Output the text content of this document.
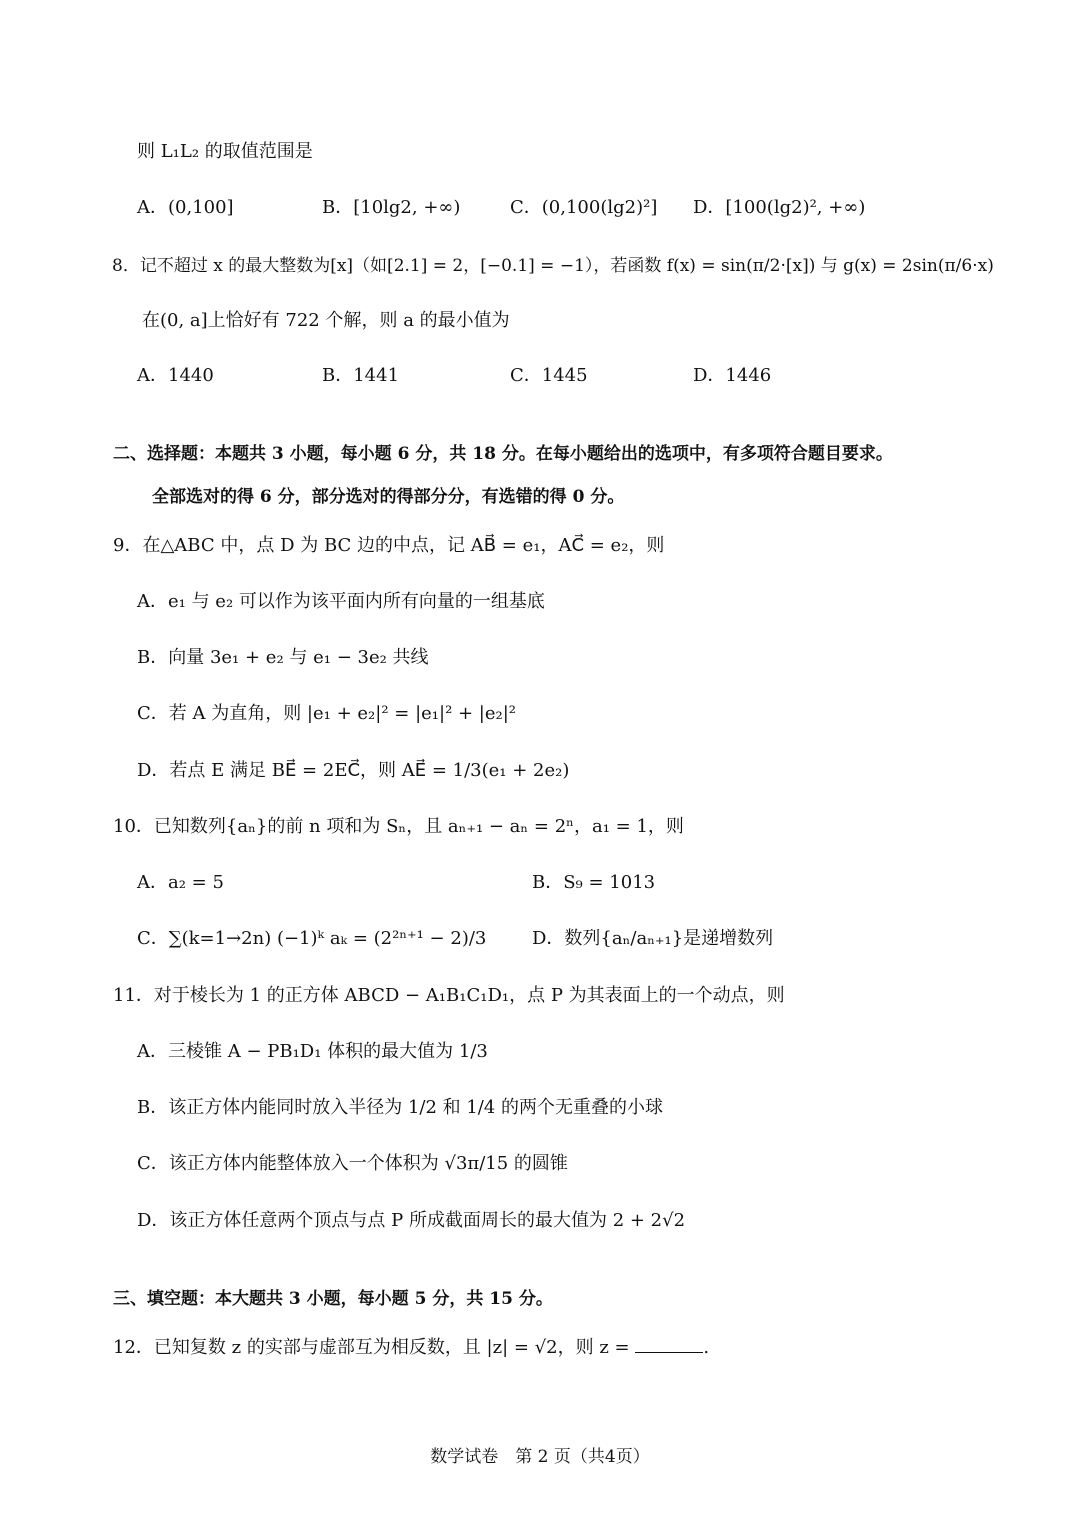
则 L₁L₂ 的取值范围是
A．(0,100]	B．[10lg2, +∞)	C．(0,100(lg2)²] D．[100(lg2)², +∞)
8．记不超过 x 的最大整数为[x]（如[2.1] = 2，[−0.1] = −1），若函数 f(x) = sin(π/2·[x]) 与 g(x) = 2sin(π/6·x)
在(0, a]上恰好有 722 个解，则 a 的最小值为
A．1440	B．1441	C．1445	D．1446
二、选择题：本题共 3 小题，每小题 6 分，共 18 分。在每小题给出的选项中，有多项符合题目要求。
全部选对的得 6 分，部分选对的得部分分，有选错的得 0 分。
9．在△ABC 中，点 D 为 BC 边的中点，记 AB⃗ = e₁，AC⃗ = e₂，则
A．e₁ 与 e₂ 可以作为该平面内所有向量的一组基底
B．向量 3e₁ + e₂ 与 e₁ − 3e₂ 共线
C．若 A 为直角，则 |e₁ + e₂|² = |e₁|² + |e₂|²
D．若点 E 满足 BE⃗ = 2EC⃗，则 AE⃗ = 1/3(e₁ + 2e₂)
10．已知数列{aₙ}的前 n 项和为 Sₙ，且 aₙ₊₁ − aₙ = 2ⁿ，a₁ = 1，则
A．a₂ = 5	B．S₉ = 1013
C．∑(k=1→2n) (−1)ᵏ aₖ = (2²ⁿ⁺¹ − 2)/3	D．数列{aₙ/aₙ₊₁}是递增数列
11．对于棱长为 1 的正方体 ABCD − A₁B₁C₁D₁，点 P 为其表面上的一个动点，则
A．三棱锥 A − PB₁D₁ 体积的最大值为 1/3
B．该正方体内能同时放入半径为 1/2 和 1/4 的两个无重叠的小球
C．该正方体内能整体放入一个体积为 √3π/15 的圆锥
D．该正方体任意两个顶点与点 P 所成截面周长的最大值为 2 + 2√2
三、填空题：本大题共 3 小题，每小题 5 分，共 15 分。
12．已知复数 z 的实部与虚部互为相反数，且 |z| = √2，则 z =	.
数学试卷　第 2 页（共4页）
